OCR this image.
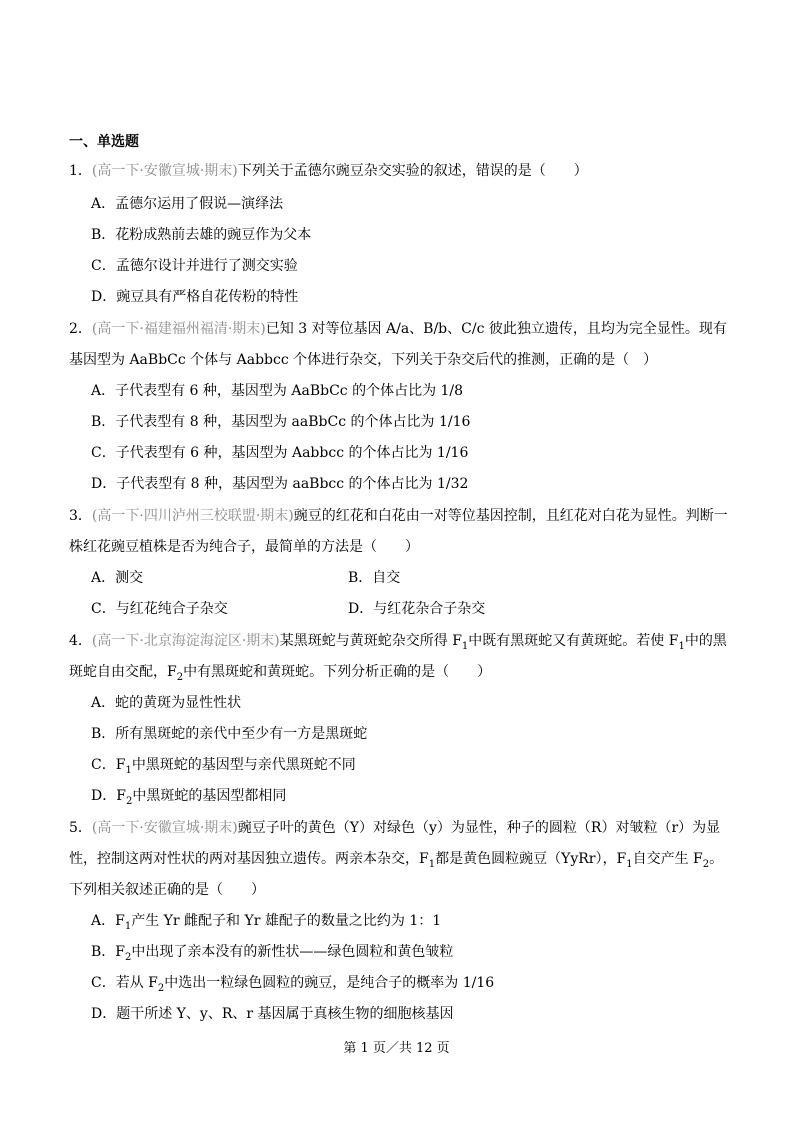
一、单选题
1．(高一下·安徽宣城·期末)下列关于孟德尔豌豆杂交实验的叙述，错误的是（　　）
A．孟德尔运用了假说—演绎法
B．花粉成熟前去雄的豌豆作为父本
C．孟德尔设计并进行了测交实验
D．豌豆具有严格自花传粉的特性
2．(高一下·福建福州福清·期末)已知 3 对等位基因 A/a、B/b、C/c 彼此独立遗传，且均为完全显性。现有基因型为 AaBbCc 个体与 Aabbcc 个体进行杂交，下列关于杂交后代的推测，正确的是（　）
A．子代表型有 6 种，基因型为 AaBbCc 的个体占比为 1/8
B．子代表型有 8 种，基因型为 aaBbCc 的个体占比为 1/16
C．子代表型有 6 种，基因型为 Aabbcc 的个体占比为 1/16
D．子代表型有 8 种，基因型为 aaBbcc 的个体占比为 1/32
3．(高一下·四川泸州三校联盟·期末)豌豆的红花和白花由一对等位基因控制，且红花对白花为显性。判断一株红花豌豆植株是否为纯合子，最简单的方法是（　　）
A．测交	B．自交
C．与红花纯合子杂交	D．与红花杂合子杂交
4．(高一下·北京海淀海淀区·期末)某黑斑蛇与黄斑蛇杂交所得 $F_1$中既有黑斑蛇又有黄斑蛇。若使 $F_1$中的黑斑蛇自由交配，$F_2$中有黑斑蛇和黄斑蛇。下列分析正确的是（　　）
A．蛇的黄斑为显性性状
B．所有黑斑蛇的亲代中至少有一方是黑斑蛇
C．$F_1$中黑斑蛇的基因型与亲代黑斑蛇不同
D．$F_2$中黑斑蛇的基因型都相同
5．(高一下·安徽宣城·期末)豌豆子叶的黄色（Y）对绿色（y）为显性，种子的圆粒（R）对皱粒（r）为显性，控制这两对性状的两对基因独立遗传。两亲本杂交，$F_1$都是黄色圆粒豌豆（YyRr），$F_1$自交产生 $F_2$。下列相关叙述正确的是（　　）
A．$F_1$产生 Yr 雌配子和 Yr 雄配子的数量之比约为 1：1
B．$F_2$中出现了亲本没有的新性状——绿色圆粒和黄色皱粒
C．若从 $F_2$中选出一粒绿色圆粒的豌豆，是纯合子的概率为 1/16
D．题干所述 Y、y、R、r 基因属于真核生物的细胞核基因
第 1 页／共 12 页
